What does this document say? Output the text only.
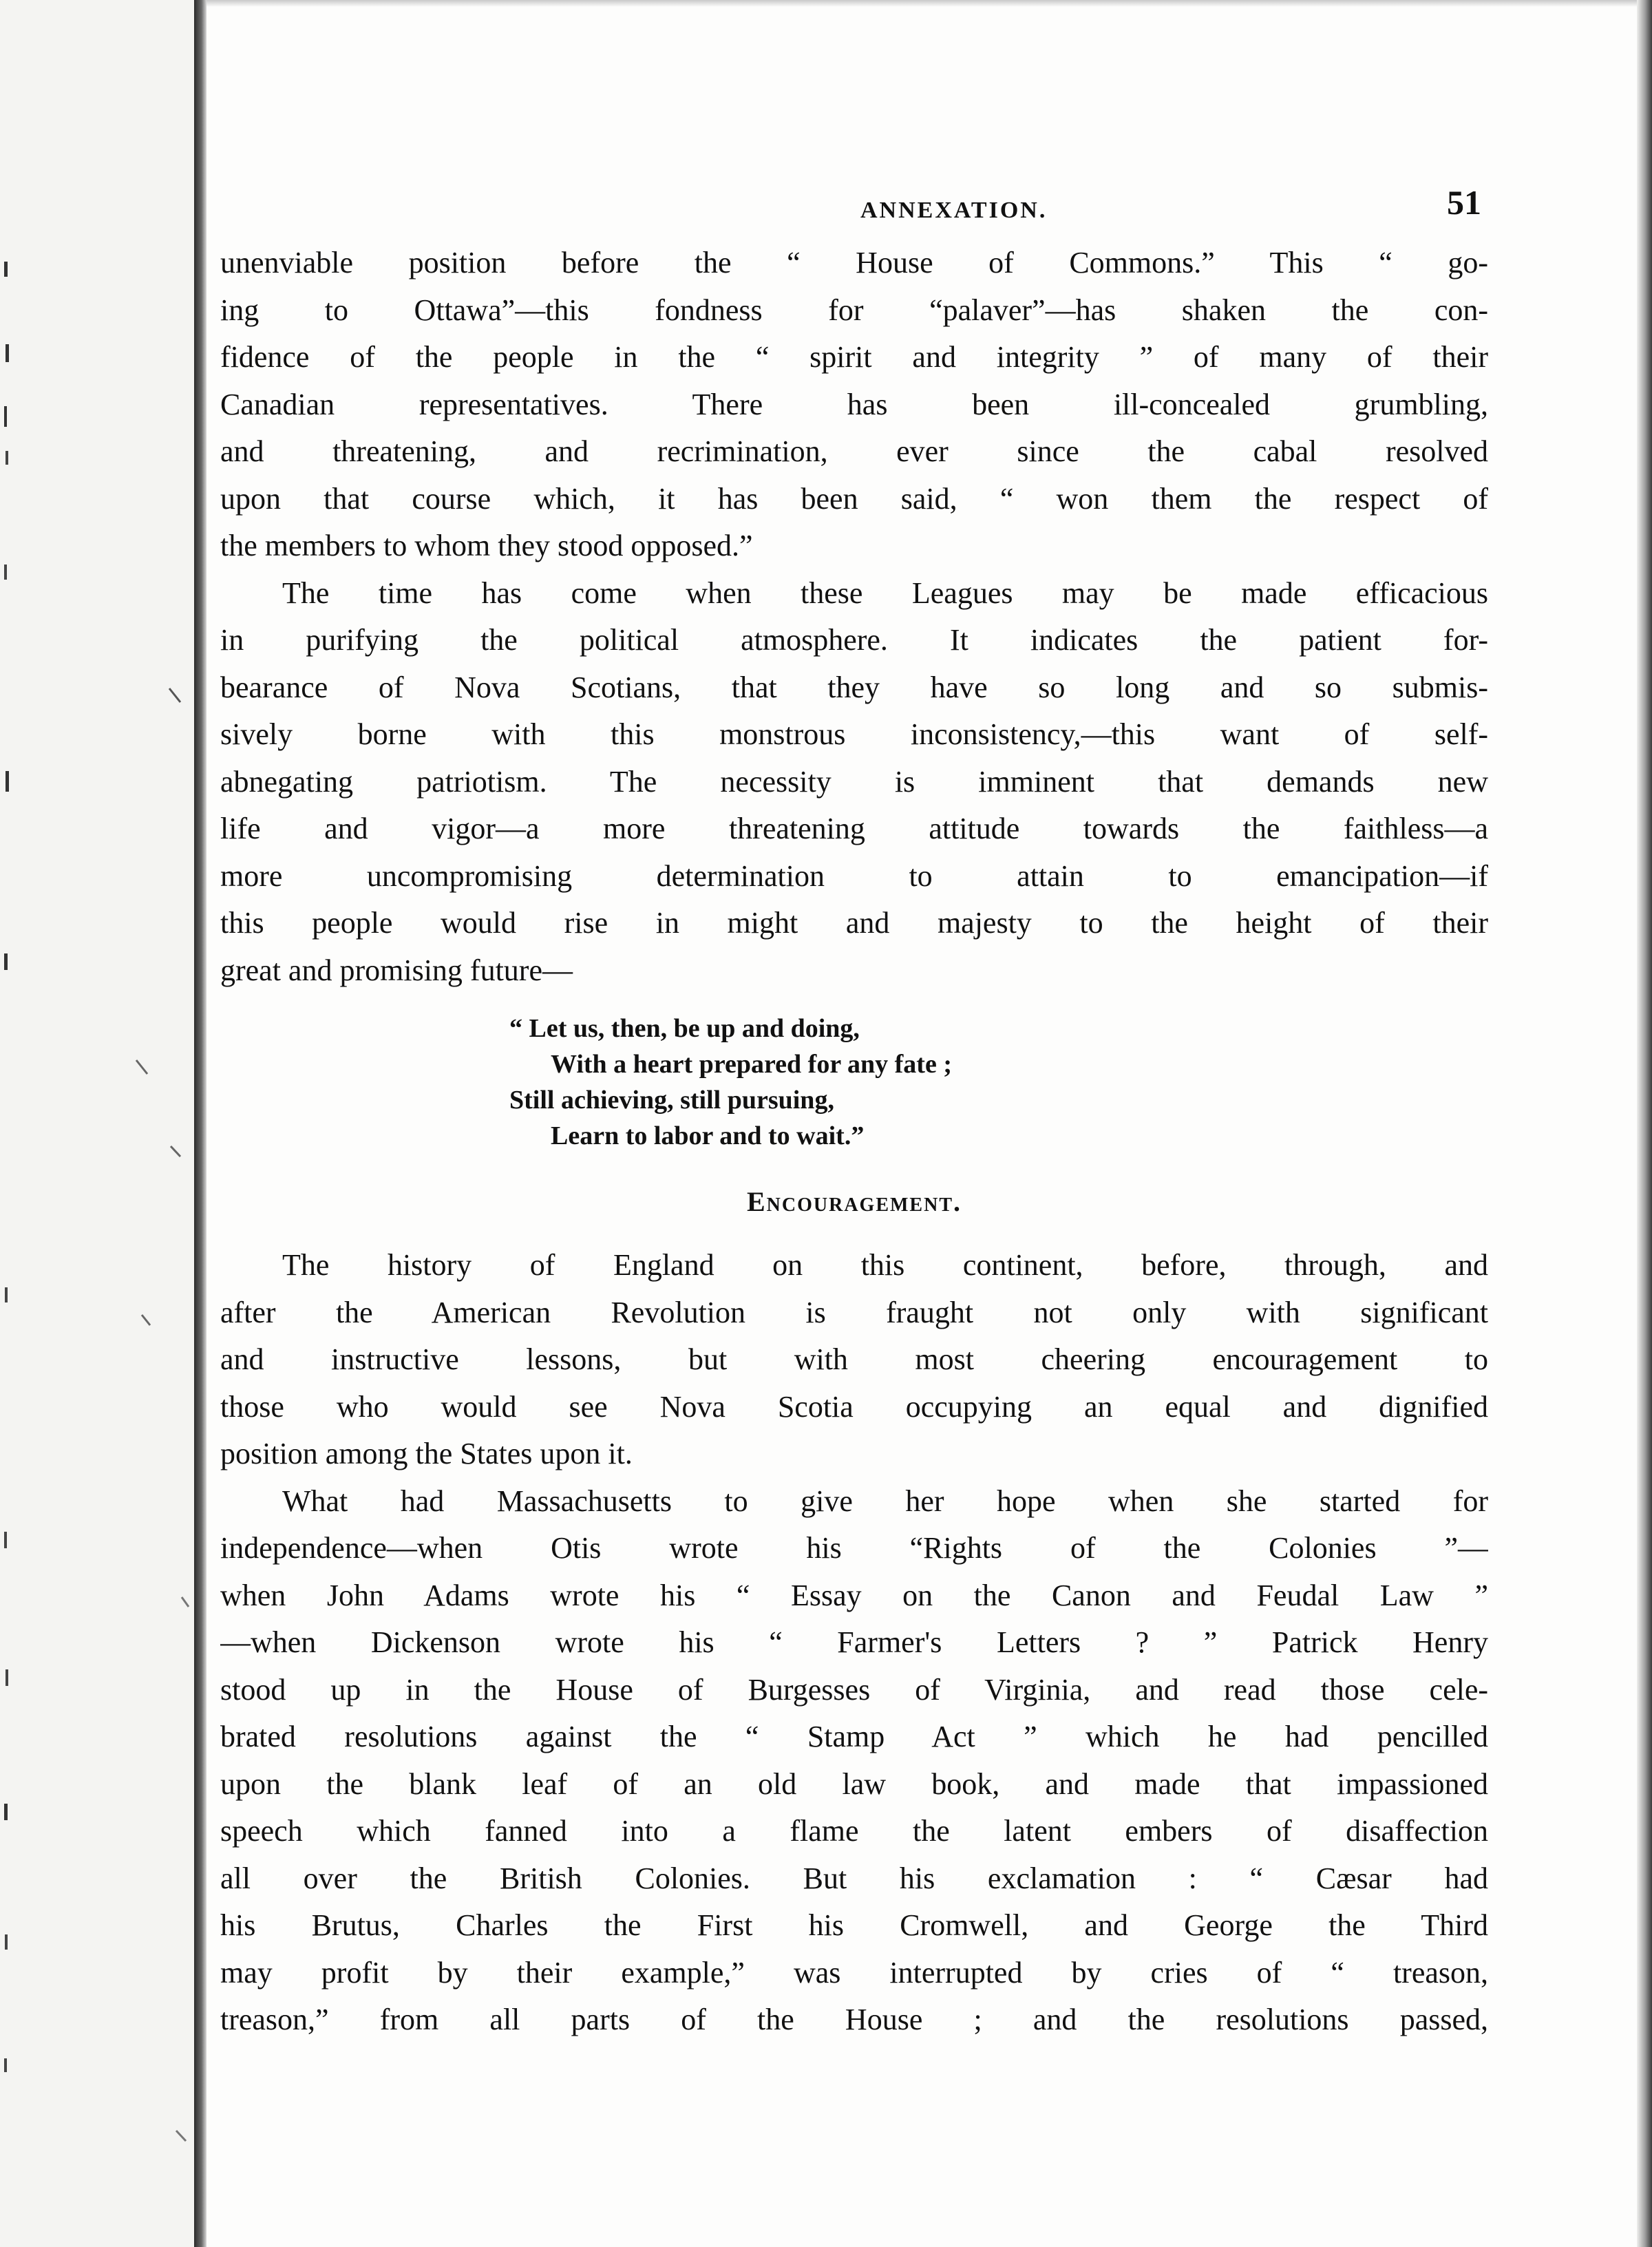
ANNEXATION.	51
unenviable position before the “ House of Commons.” This “ go-
ing to Ottawa”—this fondness for “palaver”—has shaken the con-
fidence of the people in the “ spirit and integrity ” of many of their
Canadian representatives. There has been ill-concealed grumbling,
and threatening, and recrimination, ever since the cabal resolved
upon that course which, it has been said, “ won them the respect of
the members to whom they stood opposed.”
The time has come when these Leagues may be made efficacious
in purifying the political atmosphere. It indicates the patient for-
bearance of Nova Scotians, that they have so long and so submis-
sively borne with this monstrous inconsistency,—this want of self-
abnegating patriotism. The necessity is imminent that demands new
life and vigor—a more threatening attitude towards the faithless—a
more uncompromising determination to attain to emancipation—if
this people would rise in might and majesty to the height of their
great and promising future—
“ Let us, then, be up and doing,
With a heart prepared for any fate ;
Still achieving, still pursuing,
Learn to labor and to wait.”
Encouragement.
The history of England on this continent, before, through, and
after the American Revolution is fraught not only with significant
and instructive lessons, but with most cheering encouragement to
those who would see Nova Scotia occupying an equal and dignified
position among the States upon it.
What had Massachusetts to give her hope when she started for
independence—when Otis wrote his “Rights of the Colonies ”—
when John Adams wrote his “ Essay on the Canon and Feudal Law ”
—when Dickenson wrote his “ Farmer's Letters ? ” Patrick Henry
stood up in the House of Burgesses of Virginia, and read those cele-
brated resolutions against the “ Stamp Act ” which he had pencilled
upon the blank leaf of an old law book, and made that impassioned
speech which fanned into a flame the latent embers of disaffection
all over the British Colonies. But his exclamation : “ Cæsar had
his Brutus, Charles the First his Cromwell, and George the Third
may profit by their example,” was interrupted by cries of “ treason,
treason,” from all parts of the House ; and the resolutions passed,
